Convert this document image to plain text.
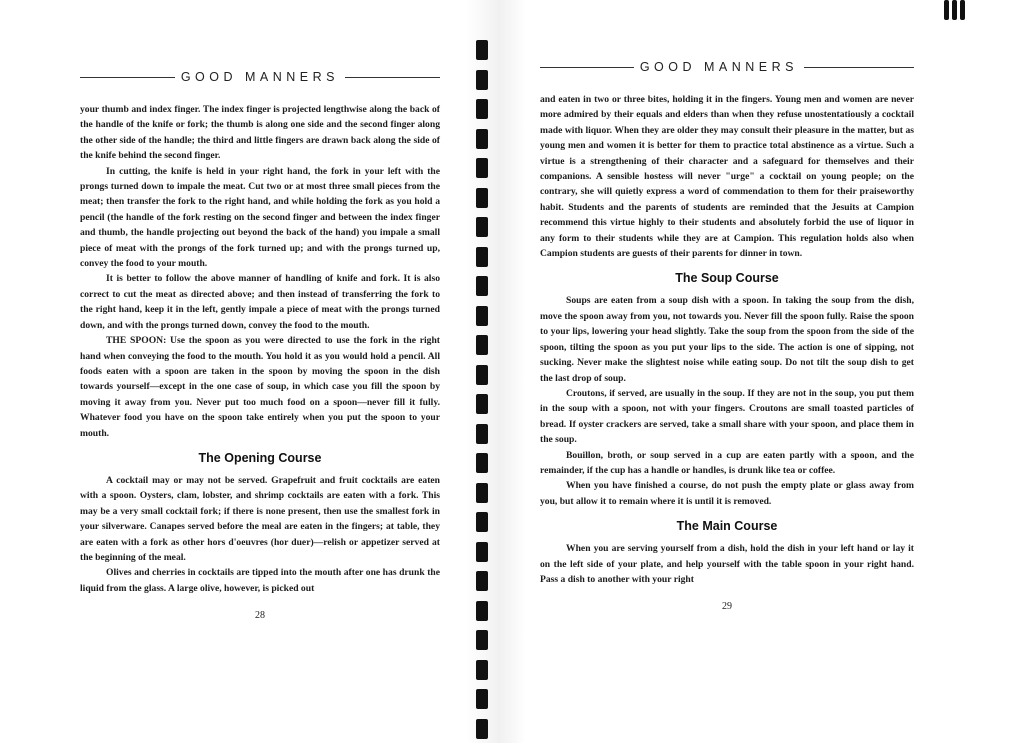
GOOD MANNERS

your thumb and index finger. The index finger is projected lengthwise along the back of the handle of the knife or fork; the thumb is along one side and the second finger along the other side of the handle; the third and little fingers are drawn back along the side of the knife behind the second finger.

In cutting, the knife is held in your right hand, the fork in your left with the prongs turned down to impale the meat. Cut two or at most three small pieces from the meat; then transfer the fork to the right hand, and while holding the fork as you hold a pencil (the handle of the fork resting on the second finger and between the index finger and thumb, the handle projecting out beyond the back of the hand) you impale a small piece of meat with the prongs of the fork turned up; and with the prongs turned up, convey the food to your mouth.

It is better to follow the above manner of handling of knife and fork. It is also correct to cut the meat as directed above; and then instead of transferring the fork to the right hand, keep it in the left, gently impale a piece of meat with the prongs turned down, and with the prongs turned down, convey the food to the mouth.

THE SPOON: Use the spoon as you were directed to use the fork in the right hand when conveying the food to the mouth. You hold it as you would hold a pencil. All foods eaten with a spoon are taken in the spoon by moving the spoon in the dish towards yourself—except in the one case of soup, in which case you fill the spoon by moving it away from you. Never put too much food on a spoon—never fill it fully. Whatever food you have on the spoon take entirely when you put the spoon to your mouth.

The Opening Course

A cocktail may or may not be served. Grapefruit and fruit cocktails are eaten with a spoon. Oysters, clam, lobster, and shrimp cocktails are eaten with a fork. This may be a very small cocktail fork; if there is none present, then use the smallest fork in your silverware. Canapes served before the meal are eaten in the fingers; at table, they are eaten with a fork as other hors d'oeuvres (hor duer)—relish or appetizer served at the beginning of the meal.

Olives and cherries in cocktails are tipped into the mouth after one has drunk the liquid from the glass. A large olive, however, is picked out

28
GOOD MANNERS

and eaten in two or three bites, holding it in the fingers. Young men and women are never more admired by their equals and elders than when they refuse unostentatiously a cocktail made with liquor. When they are older they may consult their pleasure in the matter, but as young men and women it is better for them to practice total abstinence as a virtue. Such a virtue is a strengthening of their character and a safeguard for themselves and their companions. A sensible hostess will never "urge" a cocktail on young people; on the contrary, she will quietly express a word of commendation to them for their praiseworthy habit. Students and the parents of students are reminded that the Jesuits at Campion recommend this virtue highly to their students and absolutely forbid the use of liquor in any form to their students while they are at Campion. This regulation holds also when Campion students are guests of their parents for dinner in town.

The Soup Course

Soups are eaten from a soup dish with a spoon. In taking the soup from the dish, move the spoon away from you, not towards you. Never fill the spoon fully. Raise the spoon to your lips, lowering your head slightly. Take the soup from the spoon from the side of the spoon, tilting the spoon as you put your lips to the side. The action is one of sipping, not sucking. Never make the slightest noise while eating soup. Do not tilt the soup dish to get the last drop of soup.

Croutons, if served, are usually in the soup. If they are not in the soup, you put them in the soup with a spoon, not with your fingers. Croutons are small toasted particles of bread. If oyster crackers are served, take a small share with your spoon, and place them in the soup.

Bouillon, broth, or soup served in a cup are eaten partly with a spoon, and the remainder, if the cup has a handle or handles, is drunk like tea or coffee.

When you have finished a course, do not push the empty plate or glass away from you, but allow it to remain where it is until it is removed.

The Main Course

When you are serving yourself from a dish, hold the dish in your left hand or lay it on the left side of your plate, and help yourself with the table spoon in your right hand. Pass a dish to another with your right

29
